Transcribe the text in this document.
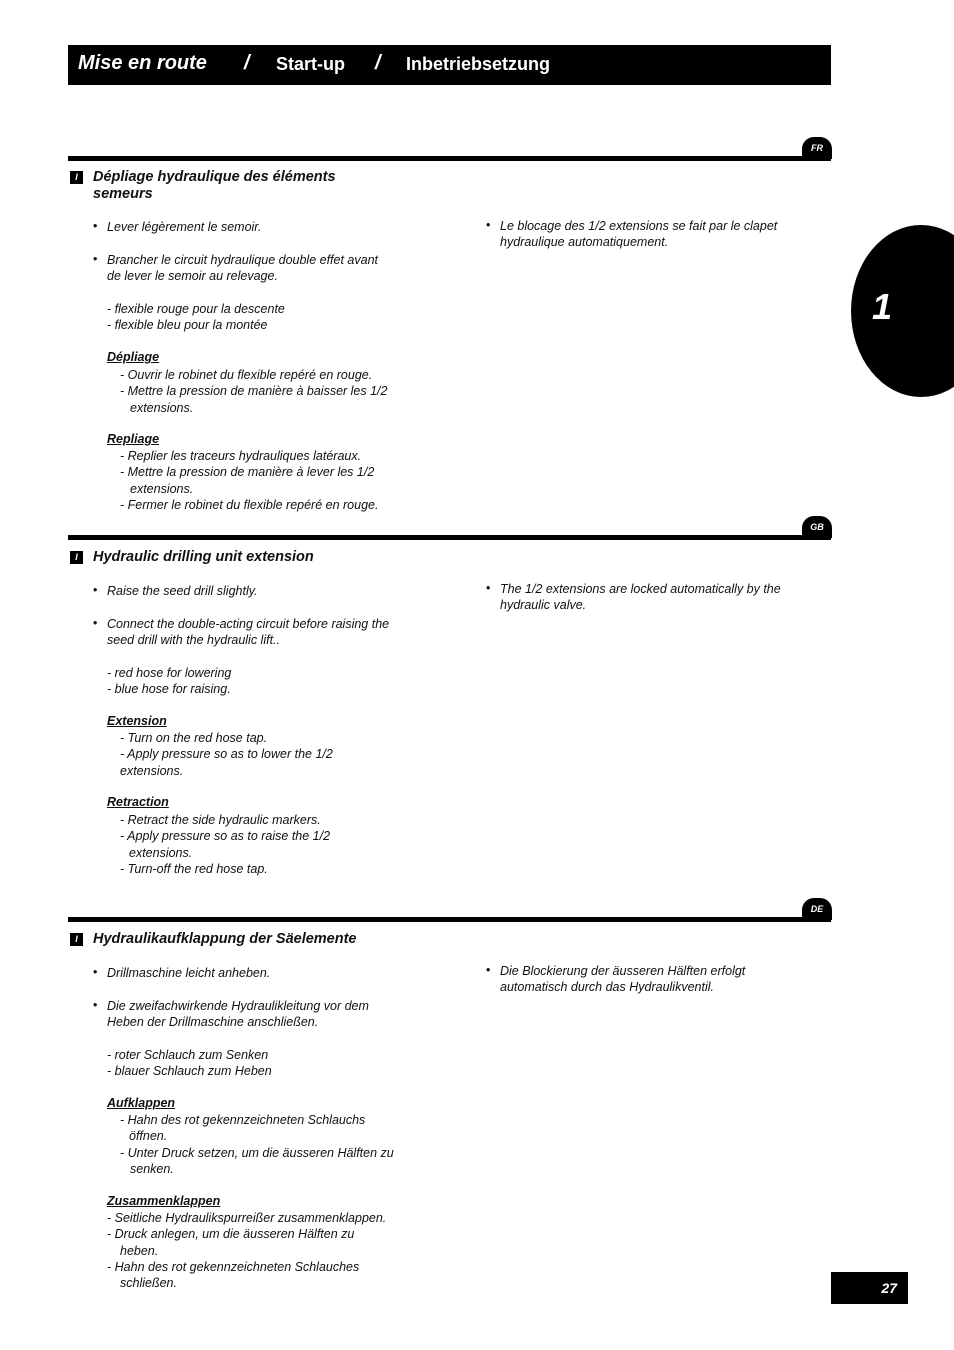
Mise en route / Start-up / Inbetriebsetzung
1
FR
I	Dépliage hydraulique des éléments
semeurs
• Lever légèrement le semoir.
• Brancher le circuit hydraulique double effet avant
de lever le semoir au relevage.
- flexible rouge pour la descente
- flexible bleu pour la montée
Dépliage
- Ouvrir le robinet du flexible repéré en rouge.
- Mettre la pression de manière à baisser les 1/2
extensions.
Repliage
- Replier les traceurs hydrauliques latéraux.
- Mettre la pression de manière à lever les 1/2
extensions.
- Fermer le robinet du flexible repéré en rouge.
• Le blocage des 1/2 extensions se fait par le clapet
hydraulique automatiquement.
GB
I	Hydraulic drilling unit extension
• Raise the seed drill slightly.
• Connect the double-acting circuit before raising the
seed drill with the hydraulic lift..
- red hose for lowering
- blue hose for raising.
Extension
- Turn on the red hose tap.
- Apply pressure so as to lower the 1/2
extensions.
Retraction
- Retract the side hydraulic markers.
- Apply pressure so as to raise the 1/2
extensions.
- Turn-off the red hose tap.
• The 1/2 extensions are locked automatically by the
hydraulic valve.
DE
I	Hydraulikaufklappung der Säelemente
• Drillmaschine leicht anheben.
• Die zweifachwirkende Hydraulikleitung vor dem
Heben der Drillmaschine anschließen.
- roter Schlauch zum Senken
- blauer Schlauch zum Heben
Aufklappen
- Hahn des rot gekennzeichneten Schlauchs
öffnen.
- Unter Druck setzen, um die äusseren Hälften zu
senken.
Zusammenklappen
- Seitliche Hydraulikspurreißer zusammenklappen.
- Druck anlegen, um die äusseren Hälften zu
heben.
- Hahn des rot gekennzeichneten Schlauches
schließen.
• Die Blockierung der äusseren Hälften erfolgt
automatisch durch das Hydraulikventil.
27
